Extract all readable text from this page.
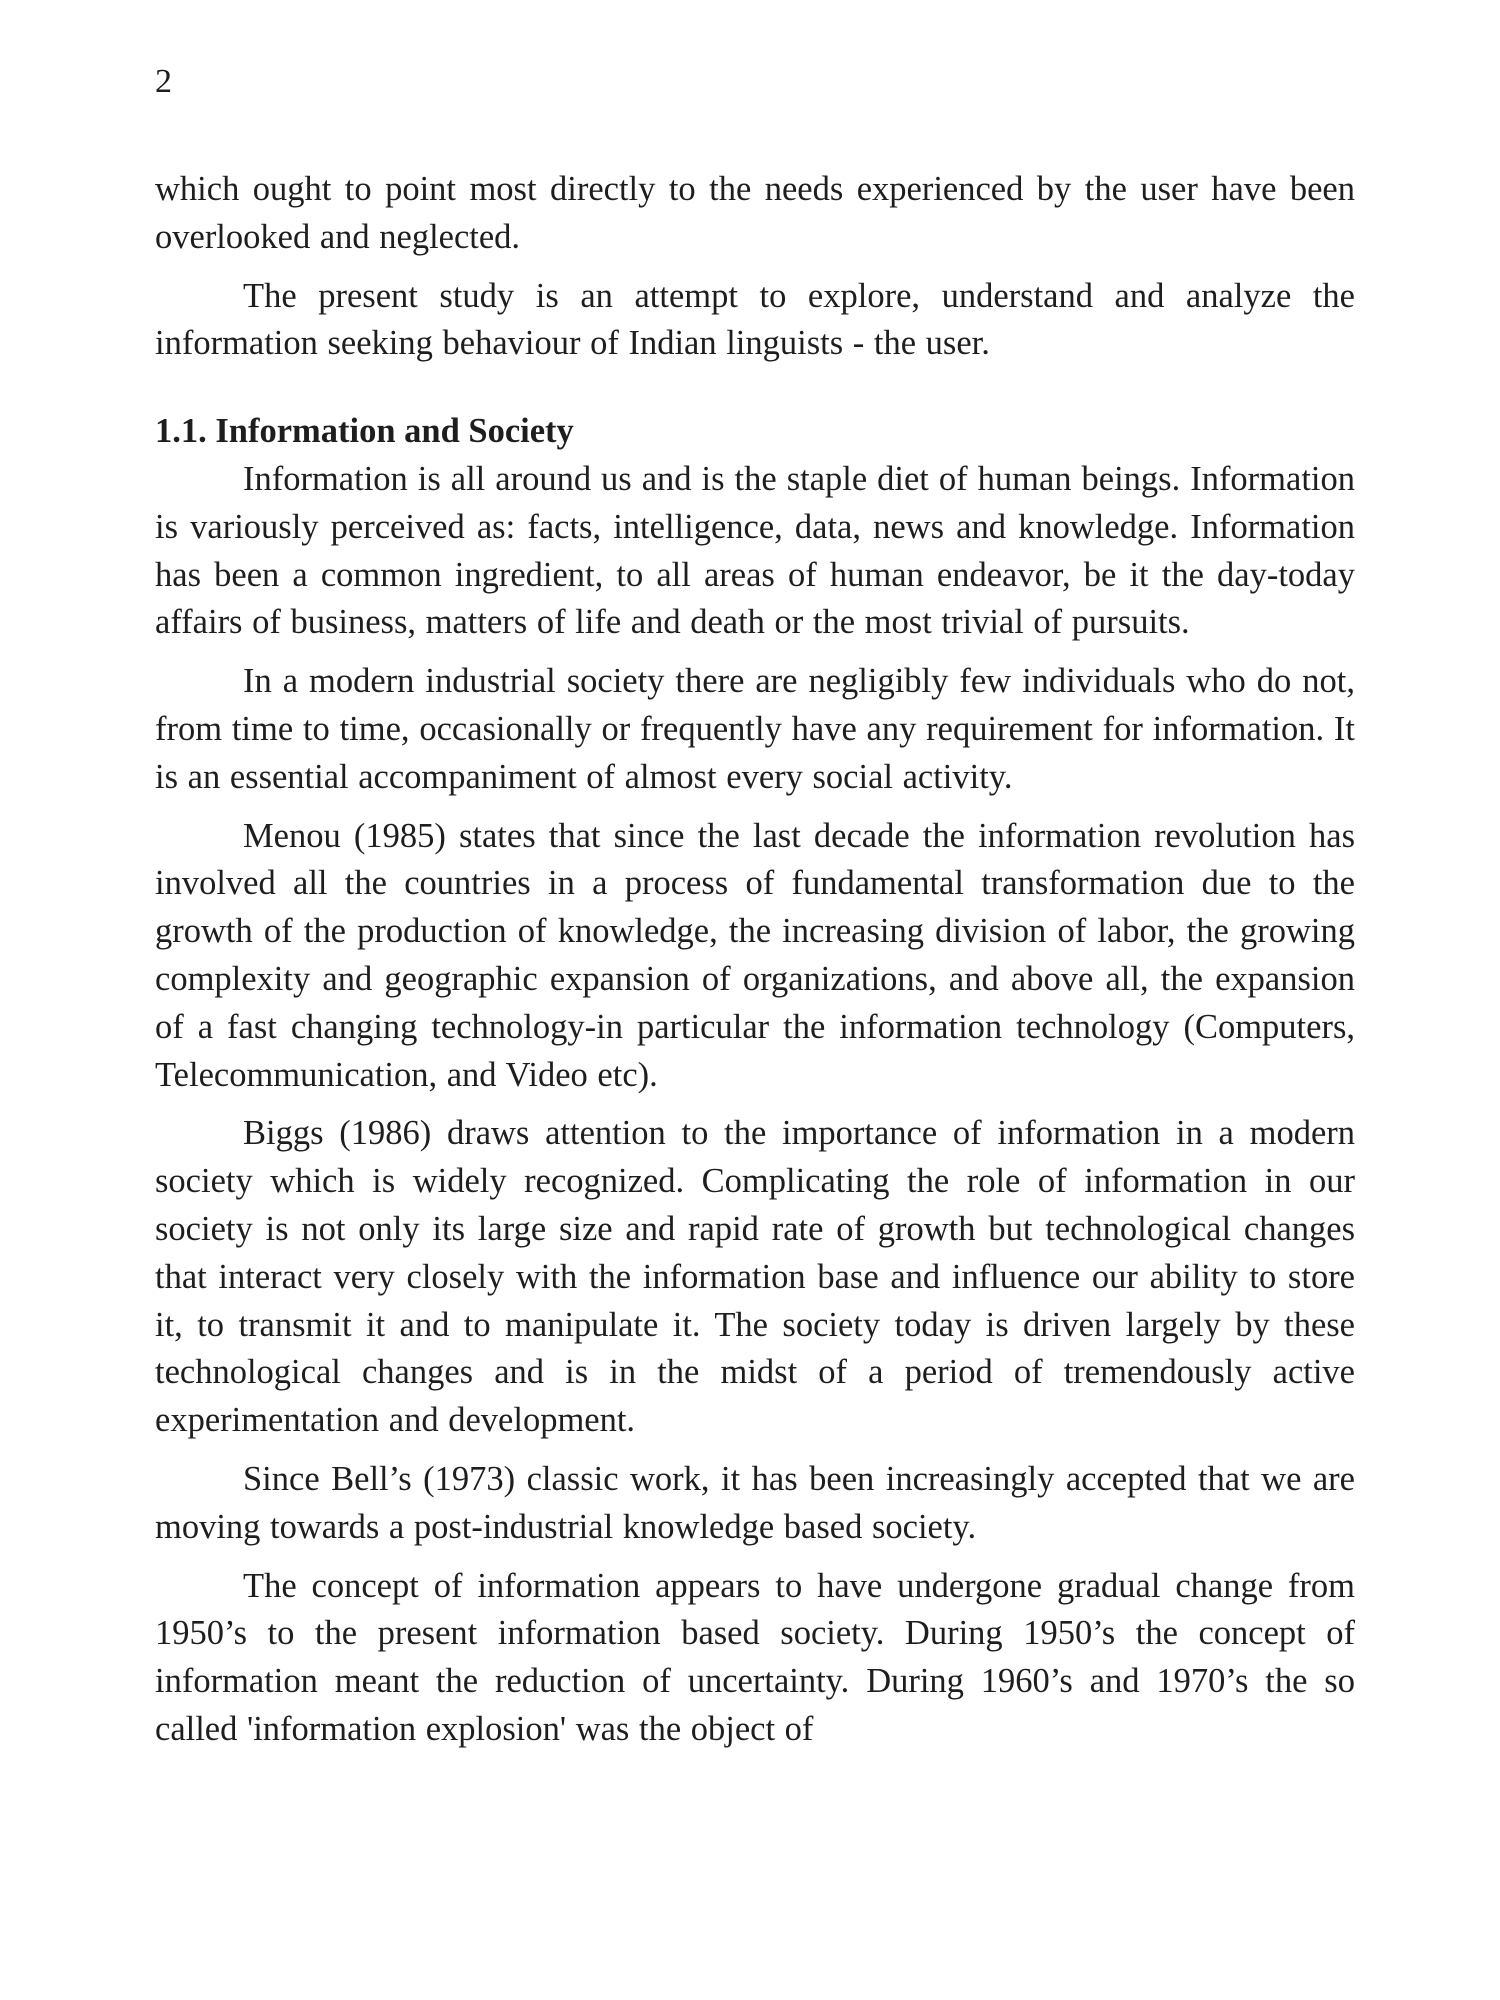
2

which ought to point most directly to the needs experienced by the user have been overlooked and neglected.

The present study is an attempt to explore, understand and analyze the information seeking behaviour of Indian linguists - the user.

1.1. Information and Society

Information is all around us and is the staple diet of human beings. Information is variously perceived as: facts, intelligence, data, news and knowledge. Information has been a common ingredient, to all areas of human endeavor, be it the day-today affairs of business, matters of life and death or the most trivial of pursuits.

In a modern industrial society there are negligibly few individuals who do not, from time to time, occasionally or frequently have any requirement for information. It is an essential accompaniment of almost every social activity.

Menou (1985) states that since the last decade the information revolution has involved all the countries in a process of fundamental transformation due to the growth of the production of knowledge, the increasing division of labor, the growing complexity and geographic expansion of organizations, and above all, the expansion of a fast changing technology-in particular the information technology (Computers, Telecommunication, and Video etc).

Biggs (1986) draws attention to the importance of information in a modern society which is widely recognized. Complicating the role of information in our society is not only its large size and rapid rate of growth but technological changes that interact very closely with the information base and influence our ability to store it, to transmit it and to manipulate it. The society today is driven largely by these technological changes and is in the midst of a period of tremendously active experimentation and development.

Since Bell’s (1973) classic work, it has been increasingly accepted that we are moving towards a post-industrial knowledge based society.

The concept of information appears to have undergone gradual change from 1950’s to the present information based society. During 1950’s the concept of information meant the reduction of uncertainty. During 1960’s and 1970’s the so called 'information explosion' was the object of
